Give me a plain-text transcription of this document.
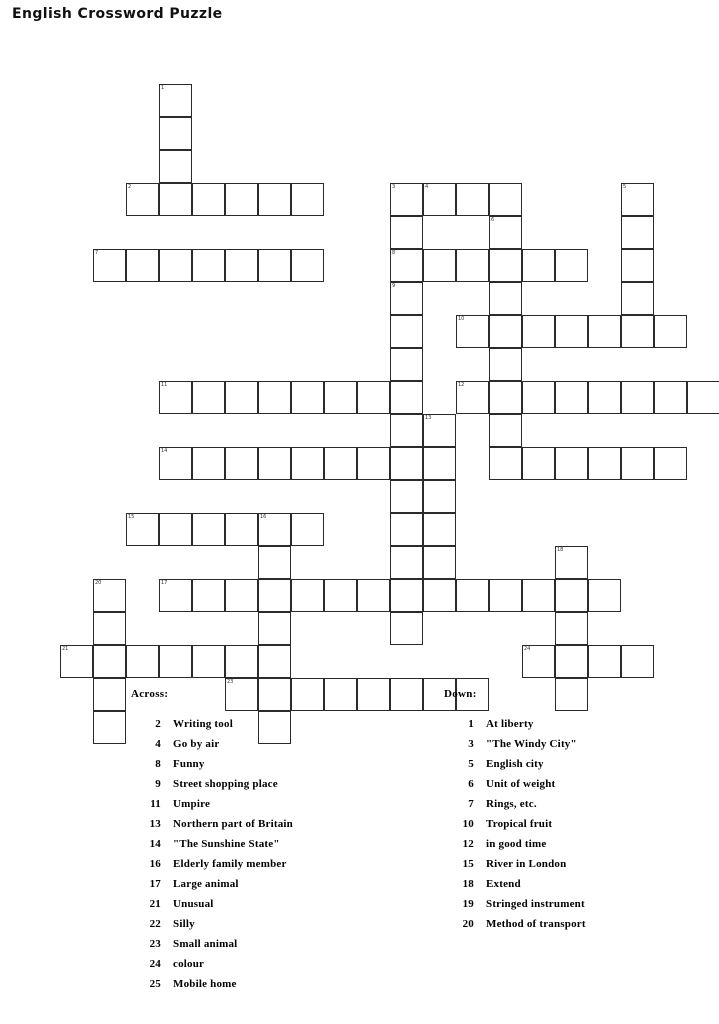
English Crossword Puzzle
1
2	3	4	5
6
7	8
9
10
11	12
13
14
15	16
18
20	17
21	24
23
Across:
2	Writing tool
4	Go by air
8	Funny
9	Street shopping place
11	Umpire
13	Northern part of Britain
14	"The Sunshine State"
16	Elderly family member
17	Large animal
21	Unusual
22	Silly
23	Small animal
24	colour
25	Mobile home
Down:
1	At liberty
3	"The Windy City"
5	English city
6	Unit of weight
7	Rings, etc.
10	Tropical fruit
12	in good time
15	River in London
18	Extend
19	Stringed instrument
20	Method of transport
